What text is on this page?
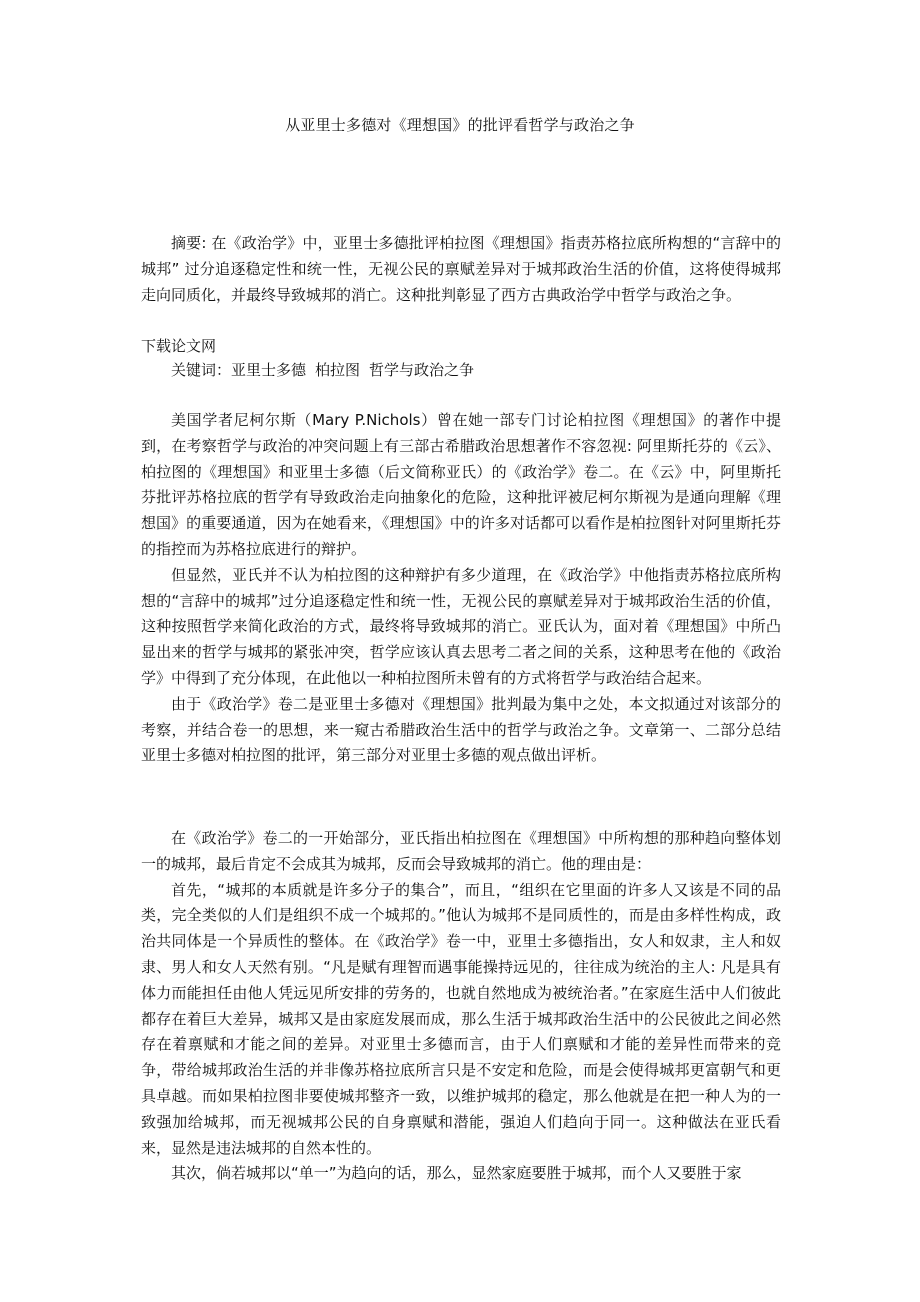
从亚里士多德对《理想国》的批评看哲学与政治之争

摘要: 在《政治学》中，亚里士多德批评柏拉图《理想国》指责苏格拉底所构想的“言辞中的城邦” 过分追逐稳定性和统一性，无视公民的禀赋差异对于城邦政治生活的价值，这将使得城邦走向同质化，并最终导致城邦的消亡。这种批判彰显了西方古典政治学中哲学与政治之争。

下载论文网
关键词：亚里士多德 柏拉图 哲学与政治之争

美国学者尼柯尔斯（Mary P.Nichols）曾在她一部专门讨论柏拉图《理想国》的著作中提到，在考察哲学与政治的冲突问题上有三部古希腊政治思想著作不容忽视: 阿里斯托芬的《云》、柏拉图的《理想国》和亚里士多德（后文简称亚氏）的《政治学》卷二。在《云》中，阿里斯托芬批评苏格拉底的哲学有导致政治走向抽象化的危险，这种批评被尼柯尔斯视为是通向理解《理想国》的重要通道，因为在她看来，《理想国》中的许多对话都可以看作是柏拉图针对阿里斯托芬的指控而为苏格拉底进行的辩护。

但显然，亚氏并不认为柏拉图的这种辩护有多少道理，在《政治学》中他指责苏格拉底所构想的“言辞中的城邦”过分追逐稳定性和统一性，无视公民的禀赋差异对于城邦政治生活的价值，这种按照哲学来简化政治的方式，最终将导致城邦的消亡。亚氏认为，面对着《理想国》中所凸显出来的哲学与城邦的紧张冲突，哲学应该认真去思考二者之间的关系，这种思考在他的《政治学》中得到了充分体现，在此他以一种柏拉图所未曾有的方式将哲学与政治结合起来。

由于《政治学》卷二是亚里士多德对《理想国》批判最为集中之处，本文拟通过对该部分的考察，并结合卷一的思想，来一窥古希腊政治生活中的哲学与政治之争。文章第一、二部分总结亚里士多德对柏拉图的批评，第三部分对亚里士多德的观点做出评析。

在《政治学》卷二的一开始部分，亚氏指出柏拉图在《理想国》中所构想的那种趋向整体划一的城邦，最后肯定不会成其为城邦，反而会导致城邦的消亡。他的理由是：

首先，“城邦的本质就是许多分子的集合”，而且，“组织在它里面的许多人又该是不同的品类，完全类似的人们是组织不成一个城邦的。”他认为城邦不是同质性的，而是由多样性构成，政治共同体是一个异质性的整体。在《政治学》卷一中，亚里士多德指出，女人和奴隶，主人和奴隶、男人和女人天然有别。“凡是赋有理智而遇事能操持远见的，往往成为统治的主人: 凡是具有体力而能担任由他人凭远见所安排的劳务的，也就自然地成为被统治者。”在家庭生活中人们彼此都存在着巨大差异，城邦又是由家庭发展而成，那么生活于城邦政治生活中的公民彼此之间必然存在着禀赋和才能之间的差异。对亚里士多德而言，由于人们禀赋和才能的差异性而带来的竞争，带给城邦政治生活的并非像苏格拉底所言只是不安定和危险，而是会使得城邦更富朝气和更具卓越。而如果柏拉图非要使城邦整齐一致，以维护城邦的稳定，那么他就是在把一种人为的一致强加给城邦，而无视城邦公民的自身禀赋和潜能，强迫人们趋向于同一。这种做法在亚氏看来，显然是违法城邦的自然本性的。

其次，倘若城邦以“单一”为趋向的话，那么，显然家庭要胜于城邦，而个人又要胜于家
